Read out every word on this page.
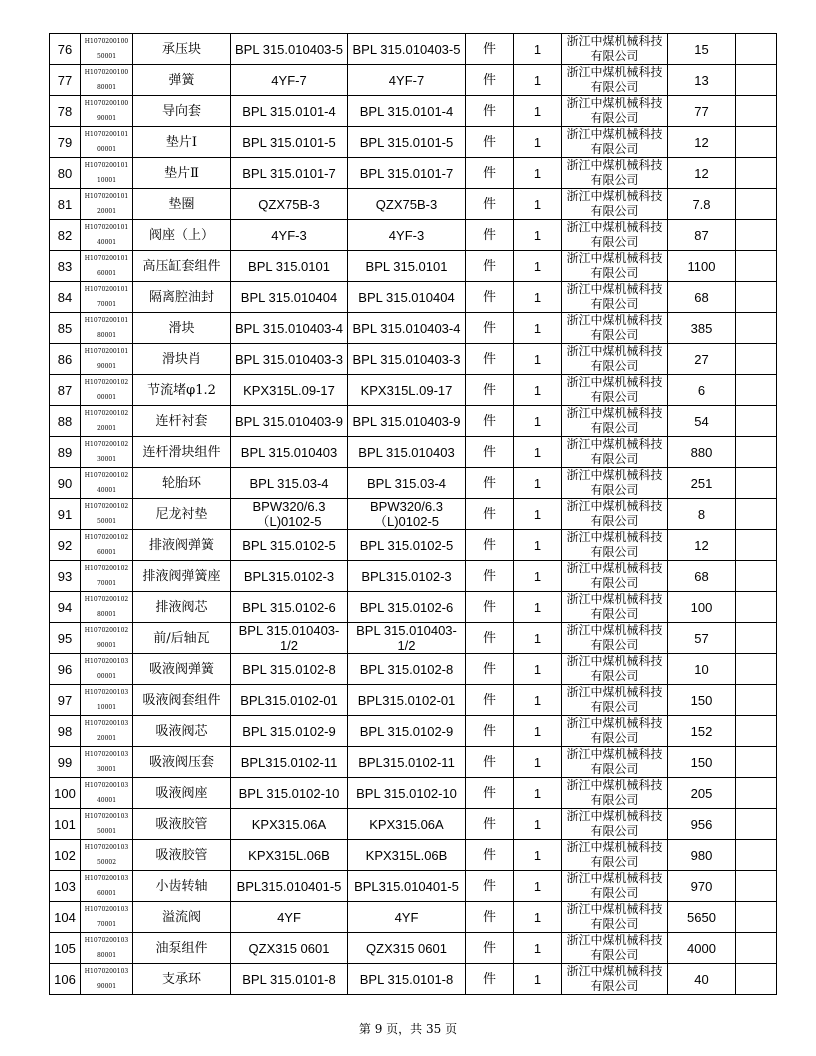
76	H107020010050001	承压块	BPL 315.010403-5	BPL 315.010403-5	件	1	浙江中煤机械科技有限公司	15	
77	H107020010080001	弹簧	4YF-7	4YF-7	件	1	浙江中煤机械科技有限公司	13	
78	H107020010090001	导向套	BPL 315.0101-4	BPL 315.0101-4	件	1	浙江中煤机械科技有限公司	77	
79	H107020010100001	垫片Ⅰ	BPL 315.0101-5	BPL 315.0101-5	件	1	浙江中煤机械科技有限公司	12	
80	H107020010110001	垫片Ⅱ	BPL 315.0101-7	BPL 315.0101-7	件	1	浙江中煤机械科技有限公司	12	
81	H107020010120001	垫圈	QZX75B-3	QZX75B-3	件	1	浙江中煤机械科技有限公司	7.8	
82	H107020010140001	阀座（上）	4YF-3	4YF-3	件	1	浙江中煤机械科技有限公司	87	
83	H107020010160001	高压缸套组件	BPL 315.0101	BPL 315.0101	件	1	浙江中煤机械科技有限公司	1100	
84	H107020010170001	隔离腔油封	BPL 315.010404	BPL 315.010404	件	1	浙江中煤机械科技有限公司	68	
85	H107020010180001	滑块	BPL 315.010403-4	BPL 315.010403-4	件	1	浙江中煤机械科技有限公司	385	
86	H107020010190001	滑块肖	BPL 315.010403-3	BPL 315.010403-3	件	1	浙江中煤机械科技有限公司	27	
87	H107020010200001	节流堵φ1.2	KPX315L.09-17	KPX315L.09-17	件	1	浙江中煤机械科技有限公司	6	
88	H107020010220001	连杆衬套	BPL 315.010403-9	BPL 315.010403-9	件	1	浙江中煤机械科技有限公司	54	
89	H107020010230001	连杆滑块组件	BPL 315.010403	BPL 315.010403	件	1	浙江中煤机械科技有限公司	880	
90	H107020010240001	轮胎环	BPL 315.03-4	BPL 315.03-4	件	1	浙江中煤机械科技有限公司	251	
91	H107020010250001	尼龙衬垫	BPW320/6.3（L)0102-5	BPW320/6.3（L)0102-5	件	1	浙江中煤机械科技有限公司	8	
92	H107020010260001	排液阀弹簧	BPL 315.0102-5	BPL 315.0102-5	件	1	浙江中煤机械科技有限公司	12	
93	H107020010270001	排液阀弹簧座	BPL315.0102-3	BPL315.0102-3	件	1	浙江中煤机械科技有限公司	68	
94	H107020010280001	排液阀芯	BPL 315.0102-6	BPL 315.0102-6	件	1	浙江中煤机械科技有限公司	100	
95	H107020010290001	前/后轴瓦	BPL 315.010403-1/2	BPL 315.010403-1/2	件	1	浙江中煤机械科技有限公司	57	
96	H107020010300001	吸液阀弹簧	BPL 315.0102-8	BPL 315.0102-8	件	1	浙江中煤机械科技有限公司	10	
97	H107020010310001	吸液阀套组件	BPL315.0102-01	BPL315.0102-01	件	1	浙江中煤机械科技有限公司	150	
98	H107020010320001	吸液阀芯	BPL 315.0102-9	BPL 315.0102-9	件	1	浙江中煤机械科技有限公司	152	
99	H107020010330001	吸液阀压套	BPL315.0102-11	BPL315.0102-11	件	1	浙江中煤机械科技有限公司	150	
100	H107020010340001	吸液阀座	BPL 315.0102-10	BPL 315.0102-10	件	1	浙江中煤机械科技有限公司	205	
101	H107020010350001	吸液胶管	KPX315.06A	KPX315.06A	件	1	浙江中煤机械科技有限公司	956	
102	H107020010350002	吸液胶管	KPX315L.06B	KPX315L.06B	件	1	浙江中煤机械科技有限公司	980	
103	H107020010360001	小齿转轴	BPL315.010401-5	BPL315.010401-5	件	1	浙江中煤机械科技有限公司	970	
104	H107020010370001	溢流阀	4YF	4YF	件	1	浙江中煤机械科技有限公司	5650	
105	H107020010380001	油泵组件	QZX315 0601	QZX315 0601	件	1	浙江中煤机械科技有限公司	4000	
106	H107020010390001	支承环	BPL 315.0101-8	BPL 315.0101-8	件	1	浙江中煤机械科技有限公司	40	
第 9 页，共 35 页
